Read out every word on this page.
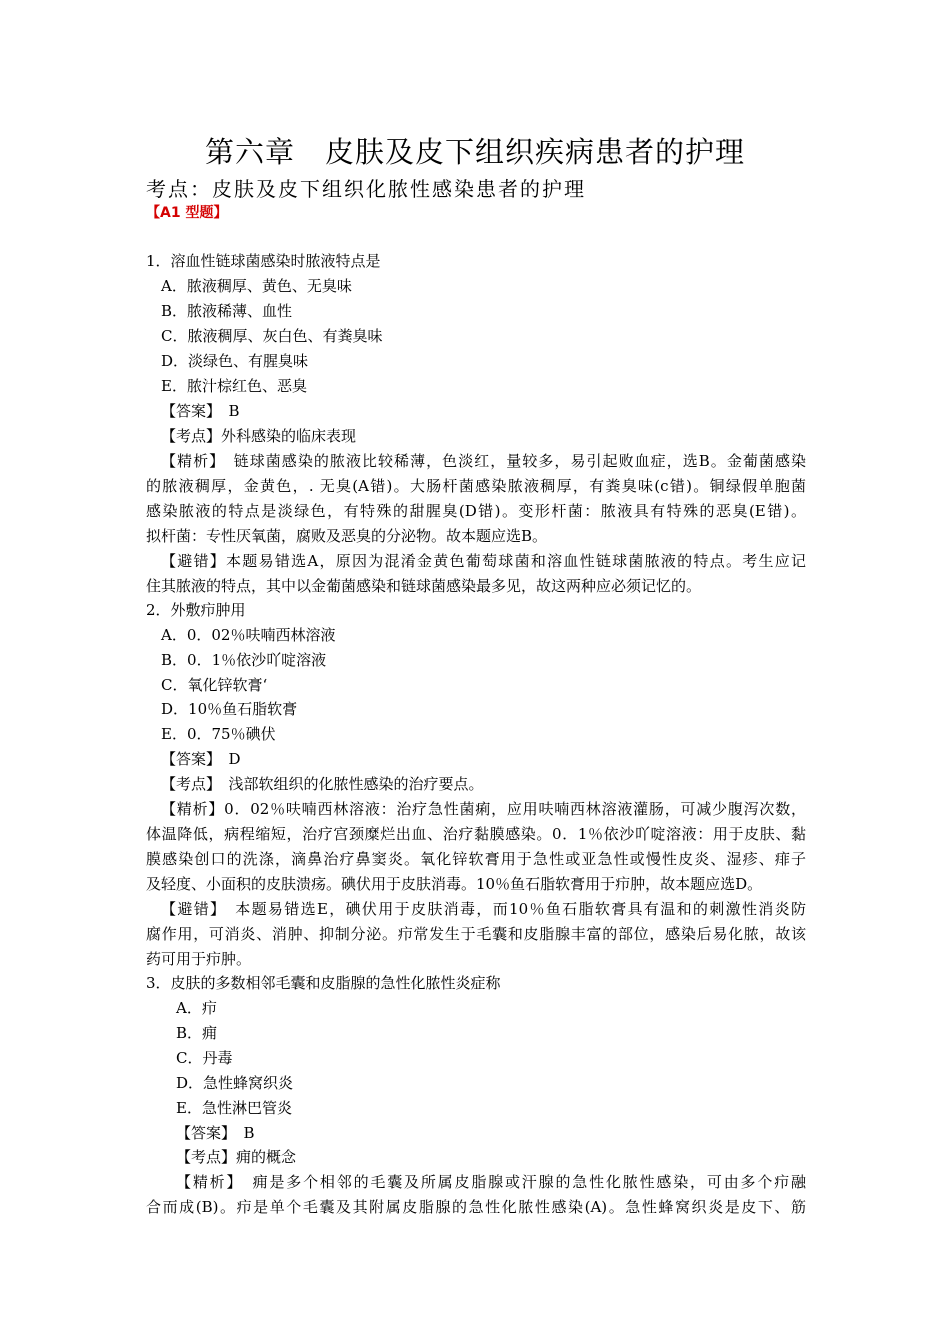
第六章　皮肤及皮下组织疾病患者的护理
考点：皮肤及皮下组织化脓性感染患者的护理
【A1 型题】
1．溶血性链球菌感染时脓液特点是
A．脓液稠厚、黄色、无臭味
B．脓液稀薄、血性
C．脓液稠厚、灰白色、有粪臭味
D．淡绿色、有腥臭味
E．脓汁棕红色、恶臭
【答案】　B
【考点】外科感染的临床表现
【精析】　链球菌感染的脓液比较稀薄，色淡红，量较多，易引起败血症，选B。金葡菌感染
的脓液稠厚，金黄色，. 无臭(A错)。大肠杆菌感染脓液稠厚，有粪臭味(c错)。铜绿假单胞菌
感染脓液的特点是淡绿色，有特殊的甜腥臭(D错)。变形杆菌：脓液具有特殊的恶臭(E错)。
拟杆菌：专性厌氧菌，腐败及恶臭的分泌物。故本题应选B。
【避错】本题易错选A，原因为混淆金黄色葡萄球菌和溶血性链球菌脓液的特点。考生应记
住其脓液的特点，其中以金葡菌感染和链球菌感染最多见，故这两种应必须记忆的。
2．外敷疖肿用
A．0．02％呋喃西林溶液
B．0．1％依沙吖啶溶液
C．氧化锌软膏‘
D．10％鱼石脂软膏
E．0．75％碘伏
【答案】　D
【考点】　浅部软组织的化脓性感染的治疗要点。
【精析】0．02％呋喃西林溶液：治疗急性菌痢，应用呋喃西林溶液灌肠，可减少腹泻次数，
体温降低，病程缩短，治疗宫颈糜烂出血、治疗黏膜感染。0．1％依沙吖啶溶液：用于皮肤、黏
膜感染创口的洗涤，滴鼻治疗鼻窦炎。氧化锌软膏用于急性或亚急性或慢性皮炎、湿疹、痱子
及轻度、小面积的皮肤溃疡。碘伏用于皮肤消毒。10％鱼石脂软膏用于疖肿，故本题应选D。
【避错】　本题易错选E，碘伏用于皮肤消毒，而10％鱼石脂软膏具有温和的刺激性消炎防
腐作用，可消炎、消肿、抑制分泌。疖常发生于毛囊和皮脂腺丰富的部位，感染后易化脓，故该
药可用于疖肿。
3．皮肤的多数相邻毛囊和皮脂腺的急性化脓性炎症称
A．疖
B．痈
C．丹毒
D．急性蜂窝织炎
E．急性淋巴管炎
【答案】　B
【考点】痈的概念
【精析】　痈是多个相邻的毛囊及所属皮脂腺或汗腺的急性化脓性感染，可由多个疖融
合而成(B)。疖是单个毛囊及其附属皮脂腺的急性化脓性感染(A)。急性蜂窝织炎是皮下、筋
